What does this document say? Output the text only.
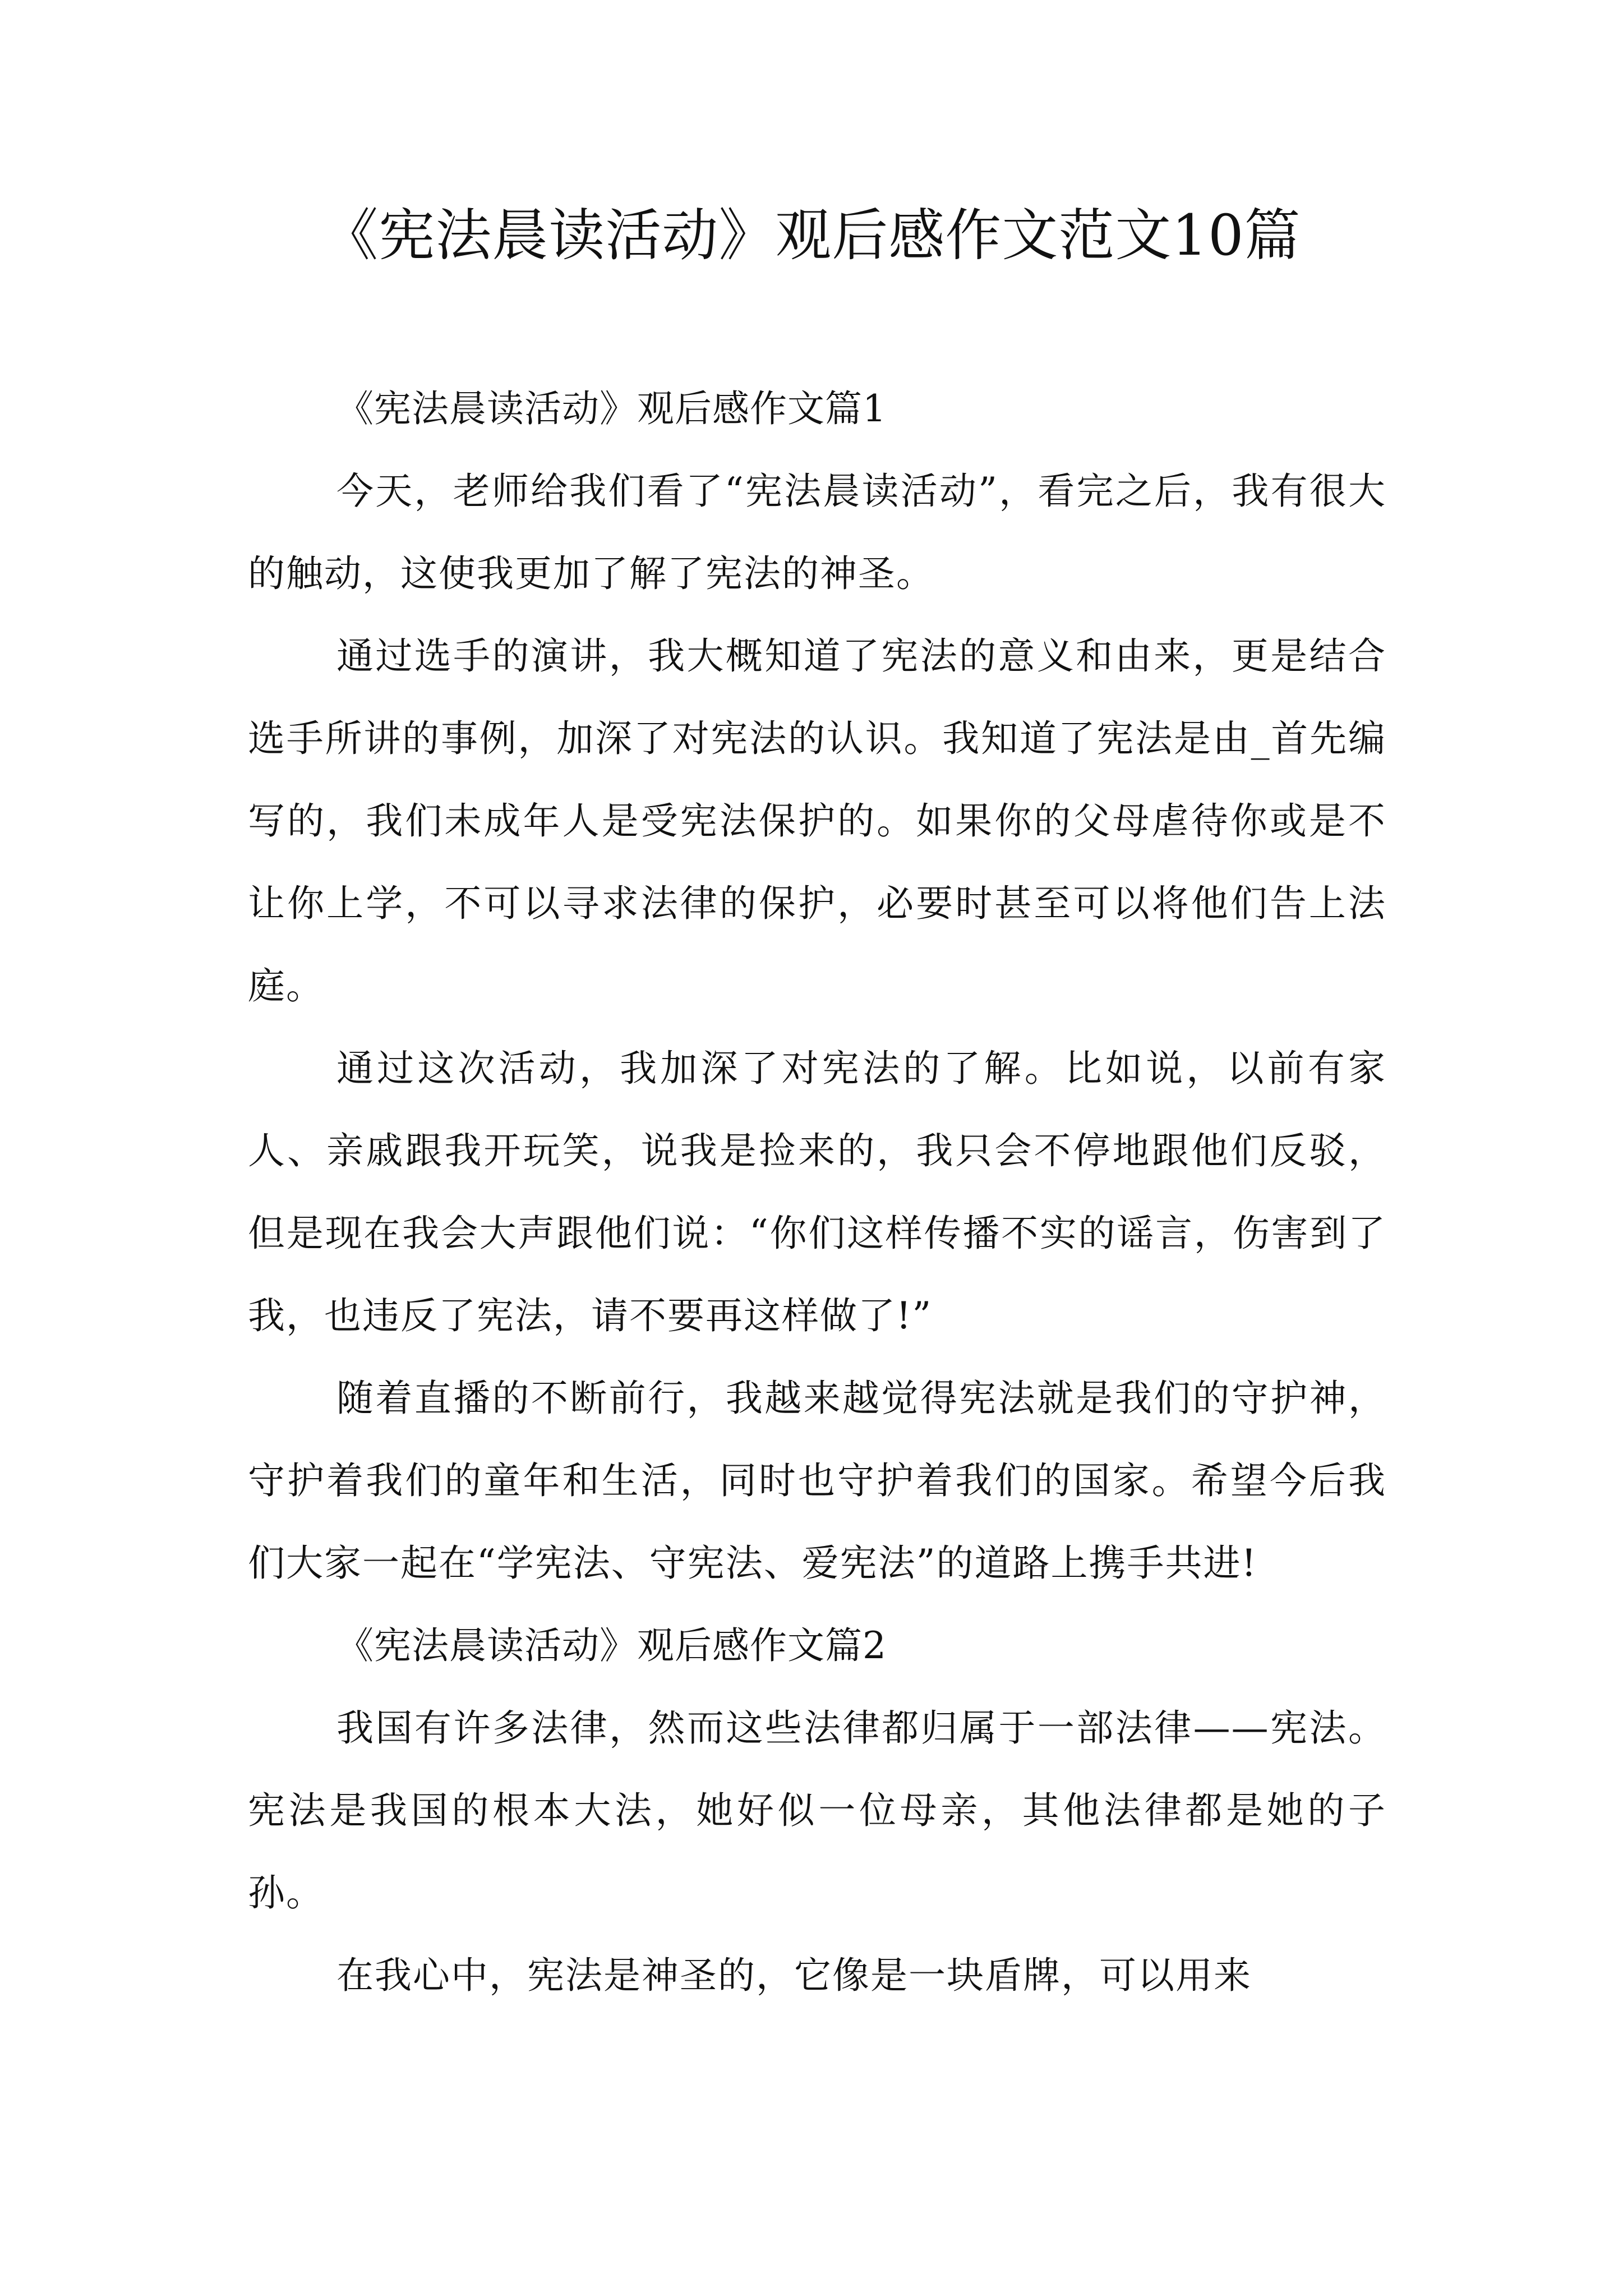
《宪法晨读活动》观后感作文范文10篇

《宪法晨读活动》观后感作文篇1

今天，老师给我们看了“宪法晨读活动”，看完之后，我有很大的触动，这使我更加了解了宪法的神圣。

通过选手的演讲，我大概知道了宪法的意义和由来，更是结合选手所讲的事例，加深了对宪法的认识。我知道了宪法是由_首先编写的，我们未成年人是受宪法保护的。如果你的父母虐待你或是不让你上学，不可以寻求法律的保护，必要时甚至可以将他们告上法庭。

通过这次活动，我加深了对宪法的了解。比如说，以前有家人、亲戚跟我开玩笑，说我是捡来的，我只会不停地跟他们反驳，但是现在我会大声跟他们说：“你们这样传播不实的谣言，伤害到了我，也违反了宪法，请不要再这样做了!”

随着直播的不断前行，我越来越觉得宪法就是我们的守护神，守护着我们的童年和生活，同时也守护着我们的国家。希望今后我们大家一起在“学宪法、守宪法、爱宪法”的道路上携手共进!

《宪法晨读活动》观后感作文篇2

我国有许多法律，然而这些法律都归属于一部法律——宪法。宪法是我国的根本大法，她好似一位母亲，其他法律都是她的子孙。

在我心中，宪法是神圣的，它像是一块盾牌，可以用来
